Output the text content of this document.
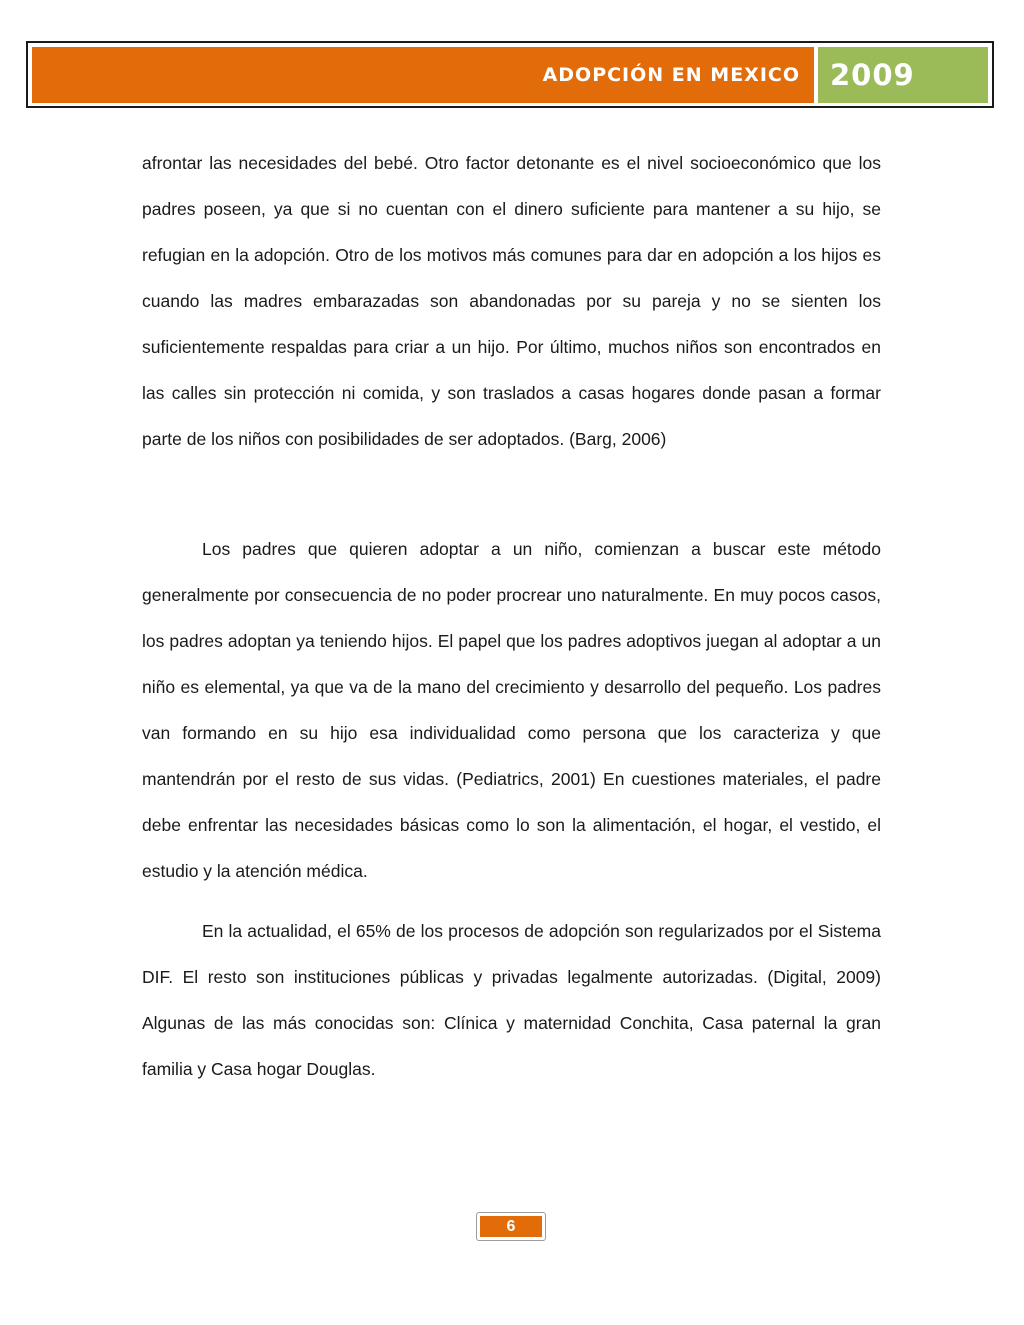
ADOPCIÓN EN MEXICO 2009

afrontar las necesidades del bebé. Otro factor detonante es el nivel socioeconómico que los padres poseen, ya que si no cuentan con el dinero suficiente para mantener a su hijo, se refugian en la adopción. Otro de los motivos más comunes para dar en adopción a los hijos es cuando las madres embarazadas son abandonadas por su pareja y no se sienten los suficientemente respaldas para criar a un hijo. Por último, muchos niños son encontrados en las calles sin protección ni comida, y son traslados a casas hogares donde pasan a formar parte de los niños con posibilidades de ser adoptados. (Barg, 2006)

Los padres que quieren adoptar a un niño, comienzan a buscar este método generalmente por consecuencia de no poder procrear uno naturalmente. En muy pocos casos, los padres adoptan ya teniendo hijos. El papel que los padres adoptivos juegan al adoptar a un niño es elemental, ya que va de la mano del crecimiento y desarrollo del pequeño. Los padres van formando en su hijo esa individualidad como persona que los caracteriza y que mantendrán por el resto de sus vidas. (Pediatrics, 2001) En cuestiones materiales, el padre debe enfrentar las necesidades básicas como lo son la alimentación, el hogar, el vestido, el estudio y la atención médica.

En la actualidad, el 65% de los procesos de adopción son regularizados por el Sistema DIF. El resto son instituciones públicas y privadas legalmente autorizadas. (Digital, 2009) Algunas de las más conocidas son: Clínica y maternidad Conchita, Casa paternal la gran familia y Casa hogar Douglas.

6
